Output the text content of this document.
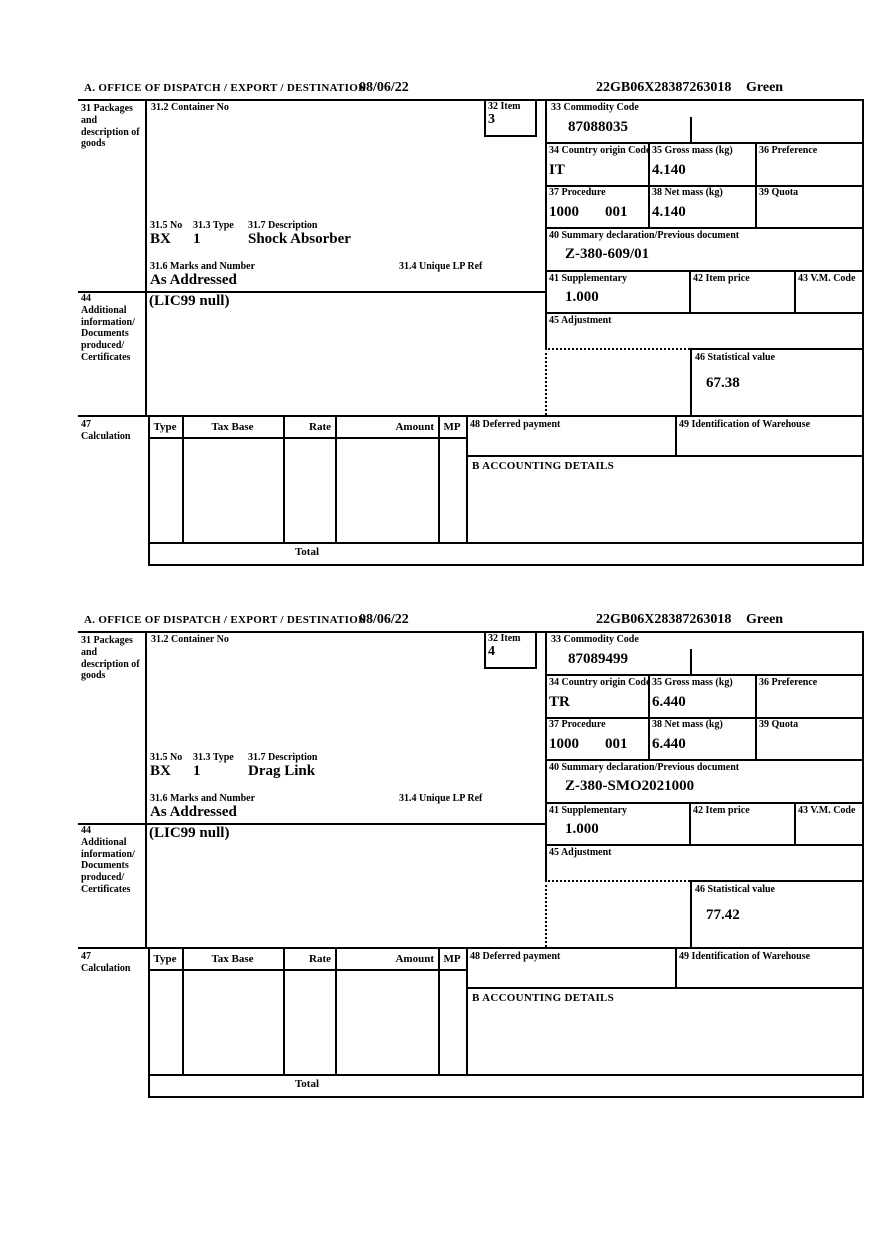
A. OFFICE OF DISPATCH / EXPORT / DESTINATION
08/06/22	22GB06X28387263018 Green
31 Packages and description of goods
31.2 Container No	32 Item
3
31.5 No 31.3 Type 31.7 Description
BX 1	Shock Absorber
31.6 Marks and Number	31.4 Unique LP Ref
As Addressed
33 Commodity Code
87088035
34 Country origin Code
IT
35 Gross mass (kg)
4.140
36 Preference
37 Procedure
1000 001
38 Net mass (kg)
4.140
39 Quota
40 Summary declaration/Previous document
Z-380-609/01
41 Supplementary
1.000
42 Item price	43 V.M. Code
45 Adjustment
46 Statistical value
67.38
44
Additional information/ Documents produced/ Certificates
(LIC99 null)
47
Calculation
Type	Tax Base	Rate	Amount MP
Total
48 Deferred payment	49 Identification of Warehouse
B ACCOUNTING DETAILS
A. OFFICE OF DISPATCH / EXPORT / DESTINATION
08/06/22	22GB06X28387263018 Green
31 Packages and description of goods
31.2 Container No	32 Item
4
31.5 No 31.3 Type 31.7 Description
BX 1	Drag Link
31.6 Marks and Number	31.4 Unique LP Ref
As Addressed
33 Commodity Code
87089499
34 Country origin Code
TR
35 Gross mass (kg)
6.440
36 Preference
37 Procedure
1000 001
38 Net mass (kg)
6.440
39 Quota
40 Summary declaration/Previous document
Z-380-SMO2021000
41 Supplementary
1.000
42 Item price	43 V.M. Code
45 Adjustment
46 Statistical value
77.42
44
Additional information/ Documents produced/ Certificates
(LIC99 null)
47
Calculation
Type	Tax Base	Rate	Amount MP
Total
48 Deferred payment	49 Identification of Warehouse
B ACCOUNTING DETAILS
